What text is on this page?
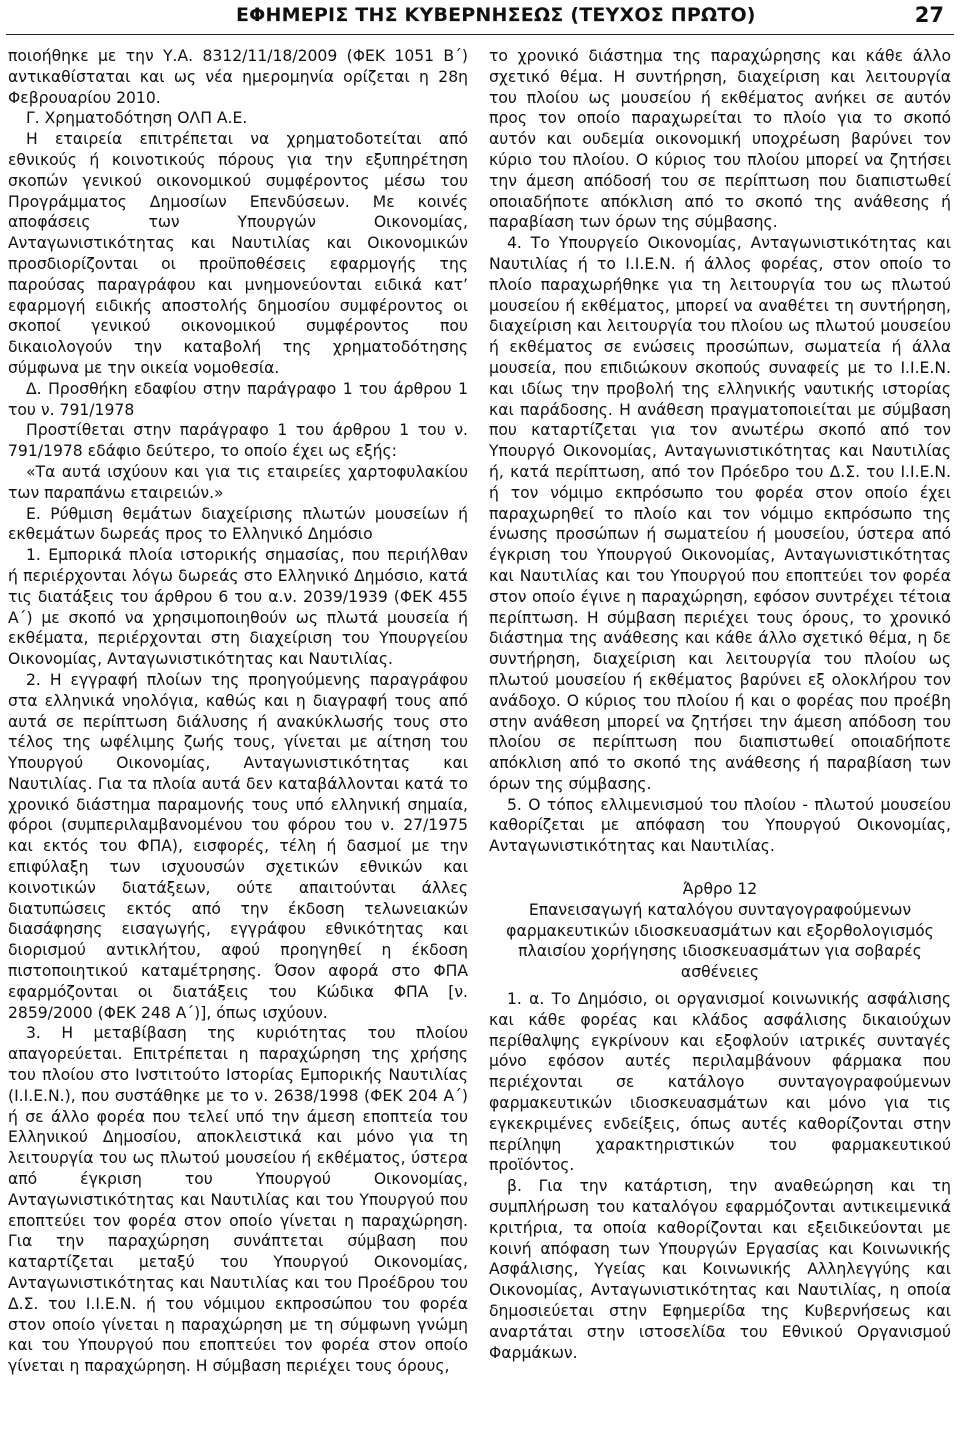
ΕΦΗΜΕΡΙΣ ΤΗΣ ΚΥΒΕΡΝΗΣΕΩΣ (ΤΕΥΧΟΣ ΠΡΩΤΟ)	27

ποιοήθηκε με την Υ.Α. 8312/11/18/2009 (ΦΕΚ 1051 Β΄) αντικαθίσταται και ως νέα ημερομηνία ορίζεται η 28η Φεβρουαρίου 2010.

Γ. Χρηματοδότηση ΟΛΠ Α.Ε.

Η εταιρεία επιτρέπεται να χρηματοδοτείται από εθνικούς ή κοινοτικούς πόρους για την εξυπηρέτηση σκοπών γενικού οικονομικού συμφέροντος μέσω του Προγράμματος Δημοσίων Επενδύσεων. Με κοινές αποφάσεις των Υπουργών Οικονομίας, Ανταγωνιστικότητας και Ναυτιλίας και Οικονομικών προσδιορίζονται οι προϋποθέσεις εφαρμογής της παρούσας παραγράφου και μνημονεύονται ειδικά κατ’ εφαρμογή ειδικής αποστολής δημοσίου συμφέροντος οι σκοποί γενικού οικονομικού συμφέροντος που δικαιολογούν την καταβολή της χρηματοδότησης σύμφωνα με την οικεία νομοθεσία.

Δ. Προσθήκη εδαφίου στην παράγραφο 1 του άρθρου 1 του ν. 791/1978

Προστίθεται στην παράγραφο 1 του άρθρου 1 του ν. 791/1978 εδάφιο δεύτερο, το οποίο έχει ως εξής:

«Τα αυτά ισχύουν και για τις εταιρείες χαρτοφυλακίου των παραπάνω εταιρειών.»

Ε. Ρύθμιση θεμάτων διαχείρισης πλωτών μουσείων ή εκθεμάτων δωρεάς προς το Ελληνικό Δημόσιο

1. Εμπορικά πλοία ιστορικής σημασίας, που περιήλθαν ή περιέρχονται λόγω δωρεάς στο Ελληνικό Δημόσιο, κατά τις διατάξεις του άρθρου 6 του α.ν. 2039/1939 (ΦΕΚ 455 Α΄) με σκοπό να χρησιμοποιηθούν ως πλωτά μουσεία ή εκθέματα, περιέρχονται στη διαχείριση του Υπουργείου Οικονομίας, Ανταγωνιστικότητας και Ναυτιλίας.

2. Η εγγραφή πλοίων της προηγούμενης παραγράφου στα ελληνικά νηολόγια, καθώς και η διαγραφή τους από αυτά σε περίπτωση διάλυσης ή ανακύκλωσής τους στο τέλος της ωφέλιμης ζωής τους, γίνεται με αίτηση του Υπουργού Οικονομίας, Ανταγωνιστικότητας και Ναυτιλίας. Για τα πλοία αυτά δεν καταβάλλονται κατά το χρονικό διάστημα παραμονής τους υπό ελληνική σημαία, φόροι (συμπεριλαμβανομένου του φόρου του ν. 27/1975 και εκτός του ΦΠΑ), εισφορές, τέλη ή δασμοί με την επιφύλαξη των ισχυουσών σχετικών εθνικών και κοινοτικών διατάξεων, ούτε απαιτούνται άλλες διατυπώσεις εκτός από την έκδοση τελωνειακών διασάφησης εισαγωγής, εγγράφου εθνικότητας και διορισμού αντικλήτου, αφού προηγηθεί η έκδοση πιστοποιητικού καταμέτρησης. Όσον αφορά στο ΦΠΑ εφαρμόζονται οι διατάξεις του Κώδικα ΦΠΑ [ν. 2859/2000 (ΦΕΚ 248 Α΄)], όπως ισχύουν.

3. Η μεταβίβαση της κυριότητας του πλοίου απαγορεύεται. Επιτρέπεται η παραχώρηση της χρήσης του πλοίου στο Ινστιτούτο Ιστορίας Εμπορικής Ναυτιλίας (Ι.Ι.Ε.Ν.), που συστάθηκε με το ν. 2638/1998 (ΦΕΚ 204 Α΄) ή σε άλλο φορέα που τελεί υπό την άμεση εποπτεία του Ελληνικού Δημοσίου, αποκλειστικά και μόνο για τη λειτουργία του ως πλωτού μουσείου ή εκθέματος, ύστερα από έγκριση του Υπουργού Οικονομίας, Ανταγωνιστικότητας και Ναυτιλίας και του Υπουργού που εποπτεύει τον φορέα στον οποίο γίνεται η παραχώρηση. Για την παραχώρηση συνάπτεται σύμβαση που καταρτίζεται μεταξύ του Υπουργού Οικονομίας, Ανταγωνιστικότητας και Ναυτιλίας και του Προέδρου του Δ.Σ. του Ι.Ι.Ε.Ν. ή του νόμιμου εκπροσώπου του φορέα στον οποίο γίνεται η παραχώρηση με τη σύμφωνη γνώμη και του Υπουργού που εποπτεύει τον φορέα στον οποίο γίνεται η παραχώρηση. Η σύμβαση περιέχει τους όρους,

το χρονικό διάστημα της παραχώρησης και κάθε άλλο σχετικό θέμα. Η συντήρηση, διαχείριση και λειτουργία του πλοίου ως μουσείου ή εκθέματος ανήκει σε αυτόν προς τον οποίο παραχωρείται το πλοίο για το σκοπό αυτόν και ουδεμία οικονομική υποχρέωση βαρύνει τον κύριο του πλοίου. Ο κύριος του πλοίου μπορεί να ζητήσει την άμεση απόδοσή του σε περίπτωση που διαπιστωθεί οποιαδήποτε απόκλιση από το σκοπό της ανάθεσης ή παραβίαση των όρων της σύμβασης.

4. Το Υπουργείο Οικονομίας, Ανταγωνιστικότητας και Ναυτιλίας ή το Ι.Ι.Ε.Ν. ή άλλος φορέας, στον οποίο το πλοίο παραχωρήθηκε για τη λειτουργία του ως πλωτού μουσείου ή εκθέματος, μπορεί να αναθέτει τη συντήρηση, διαχείριση και λειτουργία του πλοίου ως πλωτού μουσείου ή εκθέματος σε ενώσεις προσώπων, σωματεία ή άλλα μουσεία, που επιδιώκουν σκοπούς συναφείς με το Ι.Ι.Ε.Ν. και ιδίως την προβολή της ελληνικής ναυτικής ιστορίας και παράδοσης. Η ανάθεση πραγματοποιείται με σύμβαση που καταρτίζεται για τον ανωτέρω σκοπό από τον Υπουργό Οικονομίας, Ανταγωνιστικότητας και Ναυτιλίας ή, κατά περίπτωση, από τον Πρόεδρο του Δ.Σ. του Ι.Ι.Ε.Ν. ή τον νόμιμο εκπρόσωπο του φορέα στον οποίο έχει παραχωρηθεί το πλοίο και τον νόμιμο εκπρόσωπο της ένωσης προσώπων ή σωματείου ή μουσείου, ύστερα από έγκριση του Υπουργού Οικονομίας, Ανταγωνιστικότητας και Ναυτιλίας και του Υπουργού που εποπτεύει τον φορέα στον οποίο έγινε η παραχώρηση, εφόσον συντρέχει τέτοια περίπτωση. Η σύμβαση περιέχει τους όρους, το χρονικό διάστημα της ανάθεσης και κάθε άλλο σχετικό θέμα, η δε συντήρηση, διαχείριση και λειτουργία του πλοίου ως πλωτού μουσείου ή εκθέματος βαρύνει εξ ολοκλήρου τον ανάδοχο. Ο κύριος του πλοίου ή και ο φορέας που προέβη στην ανάθεση μπορεί να ζητήσει την άμεση απόδοση του πλοίου σε περίπτωση που διαπιστωθεί οποιαδήποτε απόκλιση από το σκοπό της ανάθεσης ή παραβίαση των όρων της σύμβασης.

5. Ο τόπος ελλιμενισμού του πλοίου - πλωτού μουσείου καθορίζεται με απόφαση του Υπουργού Οικονομίας, Ανταγωνιστικότητας και Ναυτιλίας.

Άρθρο 12

Επανεισαγωγή καταλόγου συνταγογραφούμενων φαρμακευτικών ιδιοσκευασμάτων και εξορθολογισμός πλαισίου χορήγησης ιδιοσκευασμάτων για σοβαρές ασθένειες

1. α. Το Δημόσιο, οι οργανισμοί κοινωνικής ασφάλισης και κάθε φορέας και κλάδος ασφάλισης δικαιούχων περίθαλψης εγκρίνουν και εξοφλούν ιατρικές συνταγές μόνο εφόσον αυτές περιλαμβάνουν φάρμακα που περιέχονται σε κατάλογο συνταγογραφούμενων φαρμακευτικών ιδιοσκευασμάτων και μόνο για τις εγκεκριμένες ενδείξεις, όπως αυτές καθορίζονται στην περίληψη χαρακτηριστικών του φαρμακευτικού προϊόντος.

β. Για την κατάρτιση, την αναθεώρηση και τη συμπλήρωση του καταλόγου εφαρμόζονται αντικειμενικά κριτήρια, τα οποία καθορίζονται και εξειδικεύονται με κοινή απόφαση των Υπουργών Εργασίας και Κοινωνικής Ασφάλισης, Υγείας και Κοινωνικής Αλληλεγγύης και Οικονομίας, Ανταγωνιστικότητας και Ναυτιλίας, η οποία δημοσιεύεται στην Εφημερίδα της Κυβερνήσεως και αναρτάται στην ιστοσελίδα του Εθνικού Οργανισμού Φαρμάκων.
